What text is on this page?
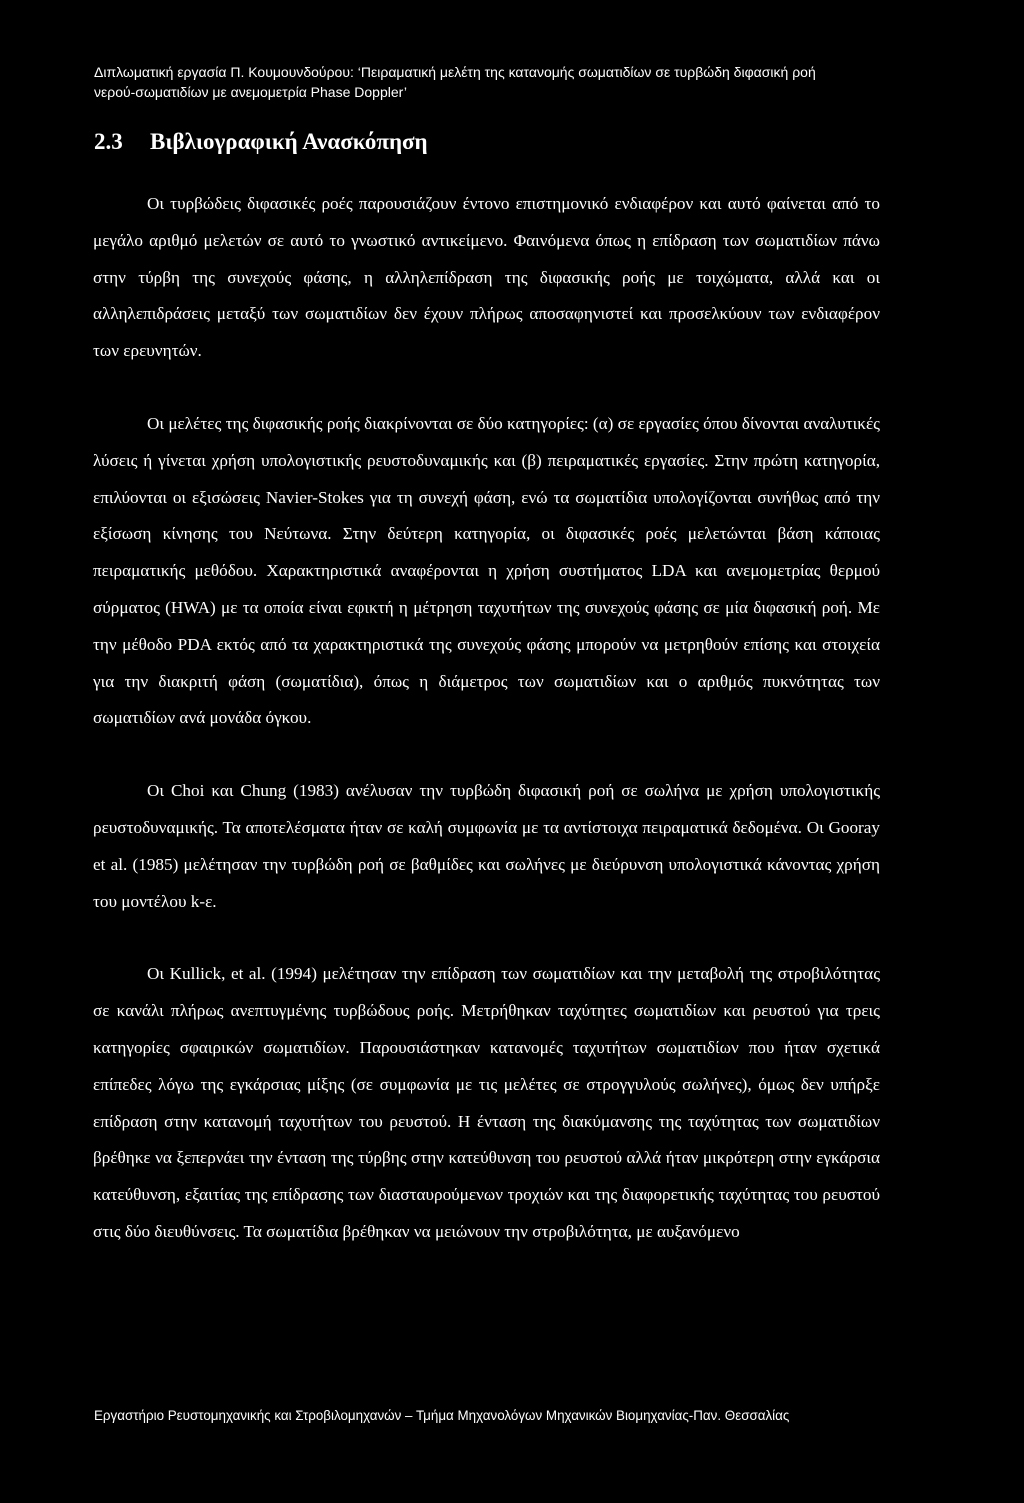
Διπλωματική εργασία Π. Κουμουνδούρου: ‘Πειραματική μελέτη της κατανομής σωματιδίων σε τυρβώδη διφασική ροή
νερού-σωματιδίων με ανεμομετρία Phase Doppler’
2.3 Βιβλιογραφική Ανασκόπηση

Οι τυρβώδεις διφασικές ροές παρουσιάζουν έντονο επιστημονικό ενδιαφέρον και αυτό φαίνεται από το μεγάλο αριθμό μελετών σε αυτό το γνωστικό αντικείμενο. Φαινόμενα όπως η επίδραση των σωματιδίων πάνω στην τύρβη της συνεχούς φάσης, η αλληλεπίδραση της διφασικής ροής με τοιχώματα, αλλά και οι αλληλεπιδράσεις μεταξύ των σωματιδίων δεν έχουν πλήρως αποσαφηνιστεί και προσελκύουν των ενδιαφέρον των ερευνητών.

Οι μελέτες της διφασικής ροής διακρίνονται σε δύο κατηγορίες: (α) σε εργασίες όπου δίνονται αναλυτικές λύσεις ή γίνεται χρήση υπολογιστικής ρευστοδυναμικής και (β) πειραματικές εργασίες. Στην πρώτη κατηγορία, επιλύονται οι εξισώσεις Navier-Stokes για τη συνεχή φάση, ενώ τα σωματίδια υπολογίζονται συνήθως από την εξίσωση κίνησης του Νεύτωνα. Στην δεύτερη κατηγορία, οι διφασικές ροές μελετώνται βάση κάποιας πειραματικής μεθόδου. Χαρακτηριστικά αναφέρονται η χρήση συστήματος LDA και ανεμομετρίας θερμού σύρματος (HWA) με τα οποία είναι εφικτή η μέτρηση ταχυτήτων της συνεχούς φάσης σε μία διφασική ροή. Με την μέθοδο PDA εκτός από τα χαρακτηριστικά της συνεχούς φάσης μπορούν να μετρηθούν επίσης και στοιχεία για την διακριτή φάση (σωματίδια), όπως η διάμετρος των σωματιδίων και ο αριθμός πυκνότητας των σωματιδίων ανά μονάδα όγκου.

Οι Choi και Chung (1983) ανέλυσαν την τυρβώδη διφασική ροή σε σωλήνα με χρήση υπολογιστικής ρευστοδυναμικής. Τα αποτελέσματα ήταν σε καλή συμφωνία με τα αντίστοιχα πειραματικά δεδομένα. Οι Gooray et al. (1985) μελέτησαν την τυρβώδη ροή σε βαθμίδες και σωλήνες με διεύρυνση υπολογιστικά κάνοντας χρήση του μοντέλου k-ε.

Οι Kullick, et al. (1994) μελέτησαν την επίδραση των σωματιδίων και την μεταβολή της στροβιλότητας σε κανάλι πλήρως ανεπτυγμένης τυρβώδους ροής. Μετρήθηκαν ταχύτητες σωματιδίων και ρευστού για τρεις κατηγορίες σφαιρικών σωματιδίων. Παρουσιάστηκαν κατανομές ταχυτήτων σωματιδίων που ήταν σχετικά επίπεδες λόγω της εγκάρσιας μίξης (σε συμφωνία με τις μελέτες σε στρογγυλούς σωλήνες), όμως δεν υπήρξε επίδραση στην κατανομή ταχυτήτων του ρευστού. Η ένταση της διακύμανσης της ταχύτητας των σωματιδίων βρέθηκε να ξεπερνάει την ένταση της τύρβης στην κατεύθυνση του ρευστού αλλά ήταν μικρότερη στην εγκάρσια κατεύθυνση, εξαιτίας της επίδρασης των διασταυρούμενων τροχιών και της διαφορετικής ταχύτητας του ρευστού στις δύο διευθύνσεις. Τα σωματίδια βρέθηκαν να μειώνουν την στροβιλότητα, με αυξανόμενο

Εργαστήριο Ρευστομηχανικής και Στροβιλομηχανών – Τμήμα Μηχανολόγων Μηχανικών Βιομηχανίας-Παν. Θεσσαλίας
